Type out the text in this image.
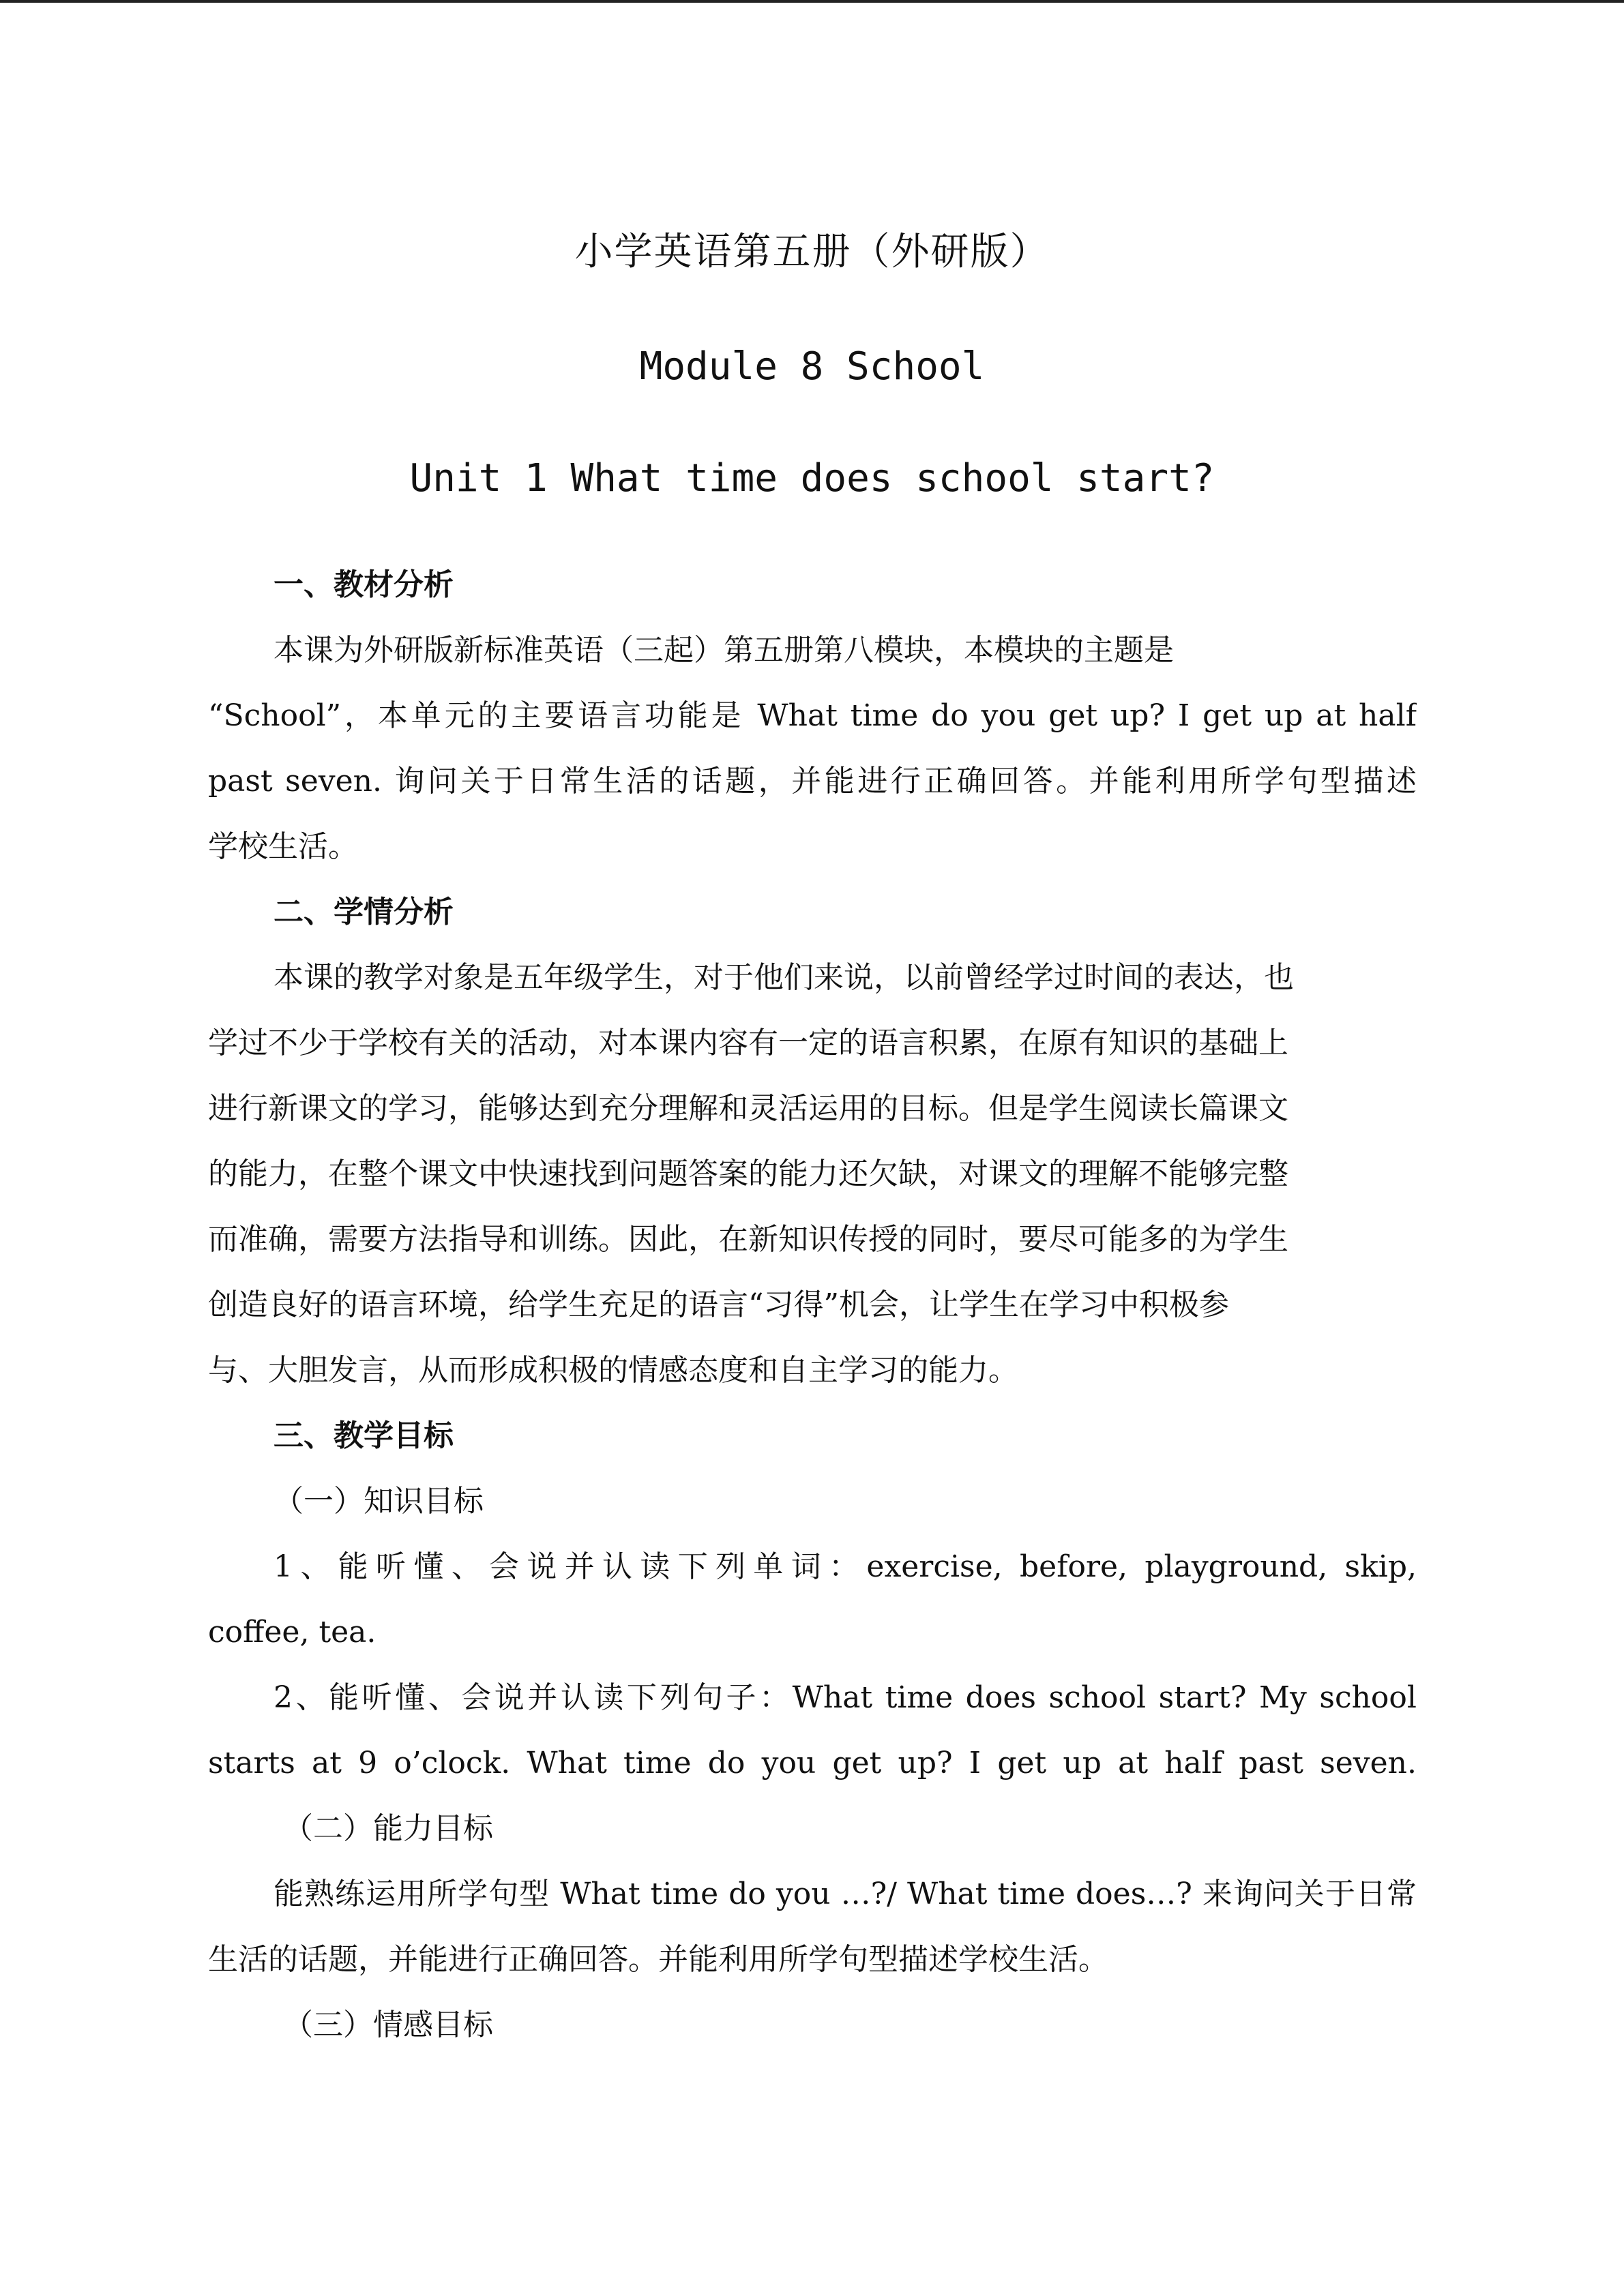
小学英语第五册（外研版）
Module 8 School
Unit 1 What time does school start?
一、教材分析
本课为外研版新标准英语（三起）第五册第八模块，本模块的主题是
“School”，本单元的主要语言功能是 What time do you get up? I get up at half
past seven. 询问关于日常生活的话题，并能进行正确回答。并能利用所学句型描述
学校生活。
二、学情分析
本课的教学对象是五年级学生，对于他们来说，以前曾经学过时间的表达，也
学过不少于学校有关的活动，对本课内容有一定的语言积累，在原有知识的基础上
进行新课文的学习，能够达到充分理解和灵活运用的目标。但是学生阅读长篇课文
的能力，在整个课文中快速找到问题答案的能力还欠缺，对课文的理解不能够完整
而准确，需要方法指导和训练。因此，在新知识传授的同时，要尽可能多的为学生
创造良好的语言环境，给学生充足的语言“习得”机会，让学生在学习中积极参
与、大胆发言，从而形成积极的情感态度和自主学习的能力。
三、教学目标
（一）知识目标
1、能听懂、会说并认读下列单词：exercise, before, playground, skip,
coffee, tea.
2、能听懂、会说并认读下列句子：What time does school start? My school
starts at 9 o’clock. What time do you get up? I get up at half past seven.
（二）能力目标
能熟练运用所学句型 What time do you …?/ What time does…? 来询问关于日常
生活的话题，并能进行正确回答。并能利用所学句型描述学校生活。
（三）情感目标
